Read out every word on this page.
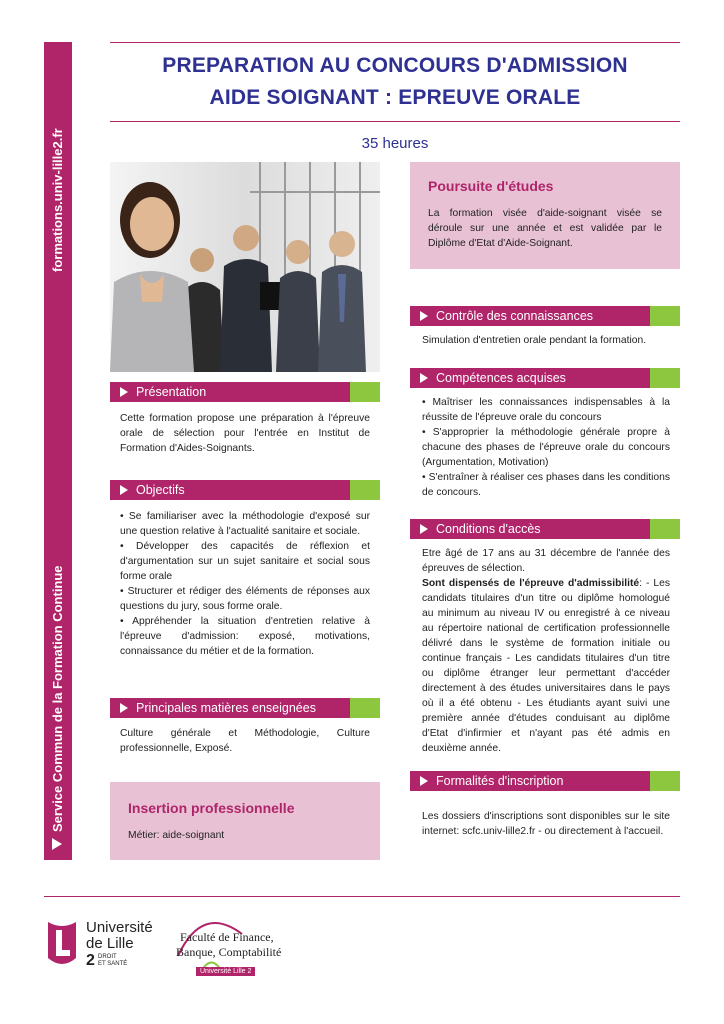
formations.univ-lille2.fr
Service Commun de la Formation Continue
PREPARATION AU CONCOURS D'ADMISSION
AIDE SOIGNANT : EPREUVE ORALE
35 heures
Poursuite d'études
La formation visée d'aide-soignant visée se déroule sur une année et est validée par le Diplôme d'Etat d'Aide-Soignant.
Contrôle des connaissances
Simulation d'entretien orale pendant la formation.
Compétences acquises

• Maîtriser les connaissances indispensables à la réussite de l'épreuve orale du concours

• S'approprier la méthodologie générale propre à chacune des phases de l'épreuve orale du concours (Argumentation, Motivation)

• S'entraîner à réaliser ces phases dans les conditions de concours.

Conditions d'accès

Etre âgé de 17 ans au 31 décembre de l'année des épreuves de sélection.

Sont dispensés de l'épreuve d'admissibilité: - Les candidats titulaires d'un titre ou diplôme homologué au minimum au niveau IV ou enregistré à ce niveau au répertoire national de certification professionnelle délivré dans le système de formation initiale ou continue français - Les candidats titulaires d'un titre ou diplôme étranger leur permettant d'accéder directement à des études universitaires dans le pays où il a été obtenu - Les étudiants ayant suivi une première année d'études conduisant au diplôme d'Etat d'infirmier et n'ayant pas été admis en deuxième année.

Formalités d'inscription
Les dossiers d'inscriptions sont disponibles sur le site internet: scfc.univ-lille2.fr - ou directement à l'accueil.
Présentation
Cette formation propose une préparation à l'épreuve orale de sélection pour l'entrée en Institut de Formation d'Aides-Soignants.
Objectifs

• Se familiariser avec la méthodologie d'exposé sur une question relative à l'actualité sanitaire et sociale.

• Développer des capacités de réflexion et d'argumentation sur un sujet sanitaire et social sous forme orale

• Structurer et rédiger des éléments de réponses aux questions du jury, sous forme orale.

• Appréhender la situation d'entretien relative à l'épreuve d'admission: exposé, motivations, connaissance du métier et de la formation.

Principales matières enseignées
Culture générale et Méthodologie, Culture professionnelle, Exposé.
Insertion professionnelle
Métier: aide-soignant
Université
de Lille
2 DROIT
ET SANTÉ
Faculté de Finance,
Banque, Comptabilité
Université Lille 2
